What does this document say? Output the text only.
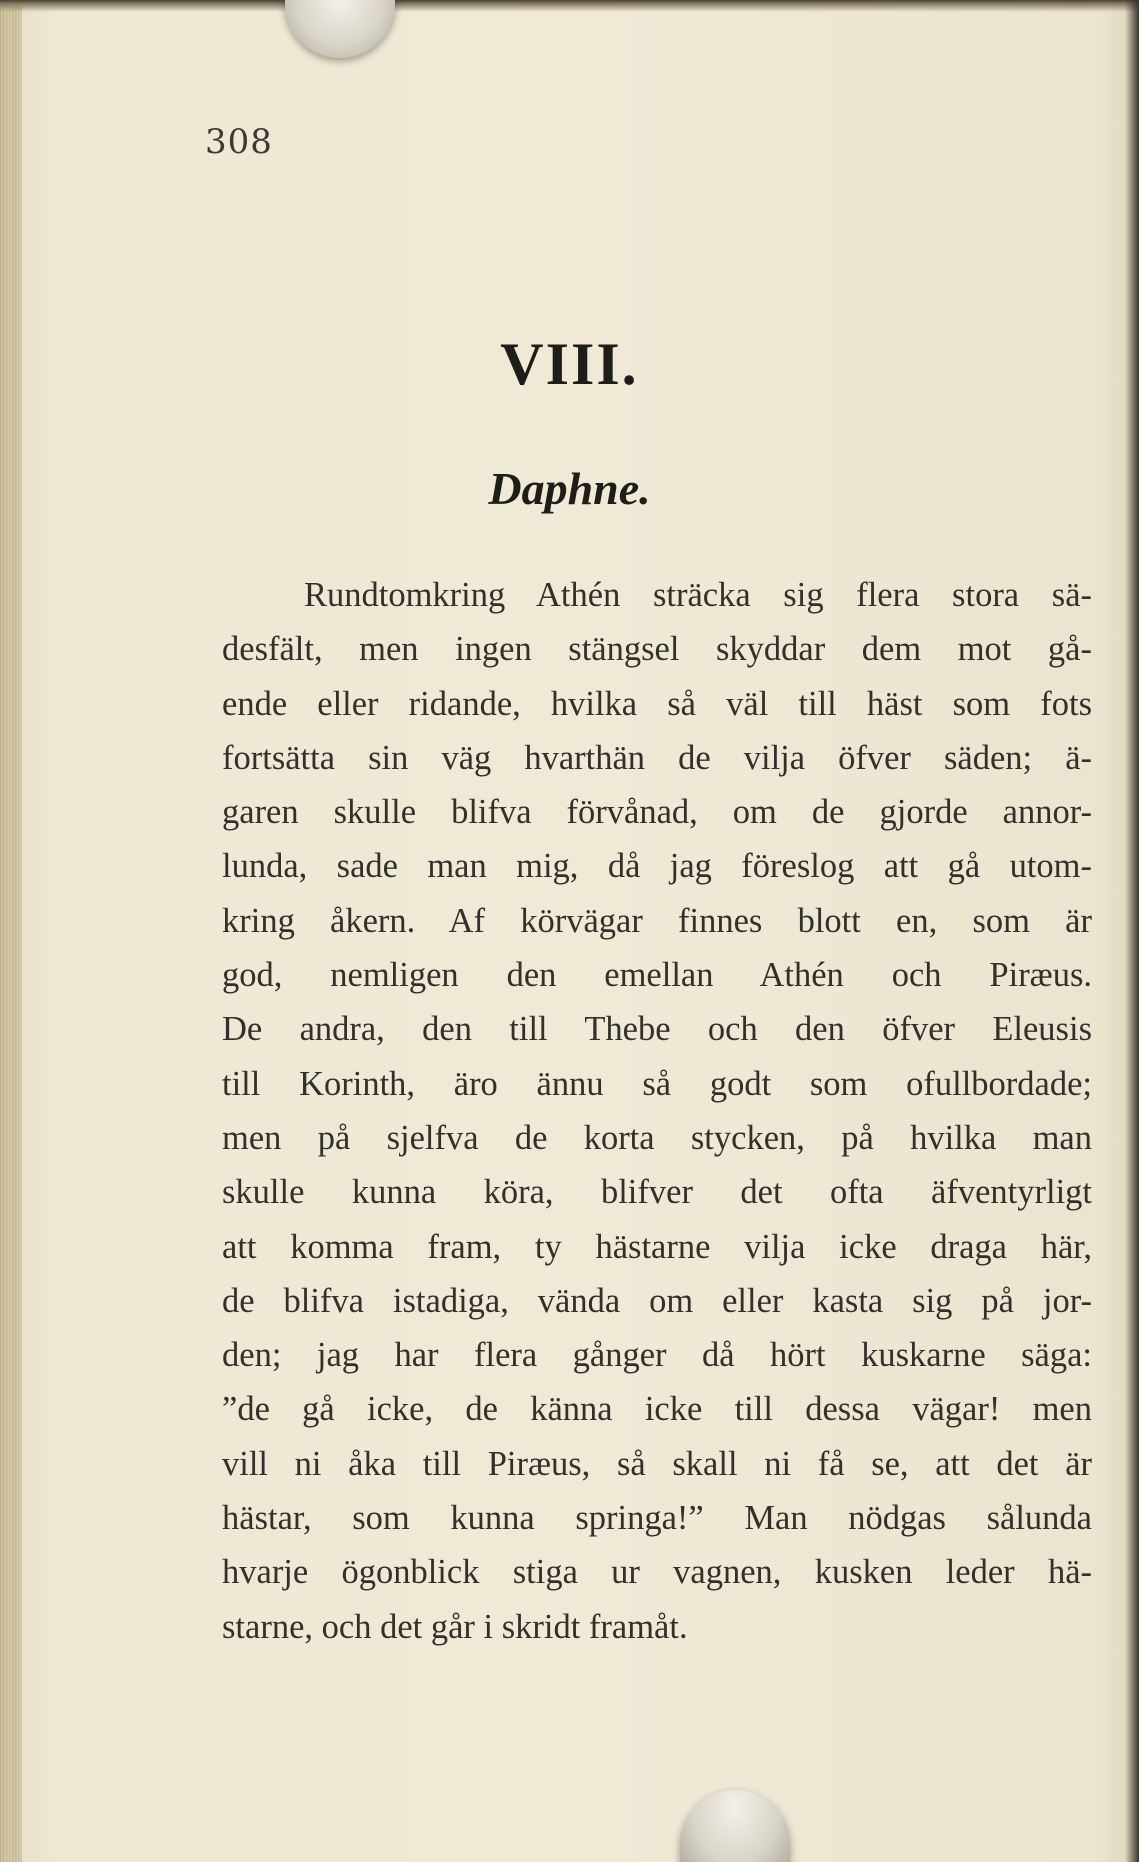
308
VIII.
Daphne.
Rundtomkring Athén sträcka sig flera stora sä-
desfält, men ingen stängsel skyddar dem mot gå-
ende eller ridande, hvilka så väl till häst som fots
fortsätta sin väg hvarthän de vilja öfver säden; ä-
garen skulle blifva förvånad, om de gjorde annor-
lunda, sade man mig, då jag föreslog att gå utom-
kring åkern. Af körvägar finnes blott en, som är
god, nemligen den emellan Athén och Piræus.
De andra, den till Thebe och den öfver Eleusis
till Korinth, äro ännu så godt som ofullbordade;
men på sjelfva de korta stycken, på hvilka man
skulle kunna köra, blifver det ofta äfventyrligt
att komma fram, ty hästarne vilja icke draga här,
de blifva istadiga, vända om eller kasta sig på jor-
den; jag har flera gånger då hört kuskarne säga:
”de gå icke, de känna icke till dessa vägar! men
vill ni åka till Piræus, så skall ni få se, att det är
hästar, som kunna springa!” Man nödgas sålunda
hvarje ögonblick stiga ur vagnen, kusken leder hä-
starne, och det går i skridt framåt.
